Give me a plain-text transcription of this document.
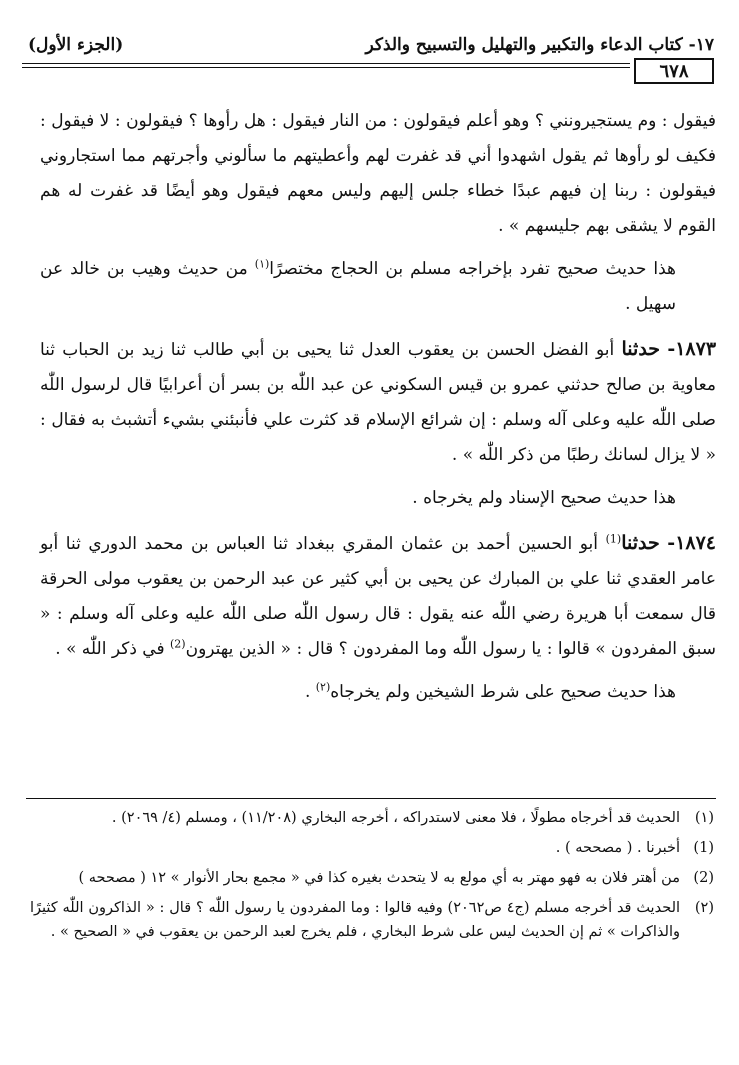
١٧- كتاب الدعاء والتكبير والتهليل والتسبيح والذكر
(الجزء الأول)
٦٧٨

فيقول : وم يستجيرونني ؟ وهو أعلم فيقولون : من النار فيقول : هل رأوها ؟ فيقولون : لا فيقول : فكيف لو رأوها ثم يقول اشهدوا أني قد غفرت لهم وأعطيتهم ما سألوني وأجرتهم مما استجاروني فيقولون : ربنا إن فيهم عبدًا خطاء جلس إليهم وليس معهم فيقول وهو أيضًا قد غفرت له هم القوم لا يشقى بهم جليسهم » .

هذا حديث صحيح تفرد بإخراجه مسلم بن الحجاج مختصرًا$^{(١)}$ من حديث وهيب بن خالد عن سهيل .

١٨٧٣- حدثنا أبو الفضل الحسن بن يعقوب العدل ثنا يحيى بن أبي طالب ثنا زيد بن الحباب ثنا معاوية بن صالح حدثني عمرو بن قيس السكوني عن عبد اللّٰه بن بسر أن أعرابيًا قال لرسول اللّٰه صلى اللّٰه عليه وعلى آله وسلم : إن شرائع الإسلام قد كثرت علي فأنبئني بشيء أتشبث به فقال : « لا يزال لسانك رطبًا من ذكر اللّٰه » .

هذا حديث صحيح الإسناد ولم يخرجاه .

١٨٧٤- حدثنا$^{(1)}$ أبو الحسين أحمد بن عثمان المقري ببغداد ثنا العباس بن محمد الدوري ثنا أبو عامر العقدي ثنا علي بن المبارك عن يحيى بن أبي كثير عن عبد الرحمن بن يعقوب مولى الحرقة قال سمعت أبا هريرة رضي اللّٰه عنه يقول : قال رسول اللّٰه صلى اللّٰه عليه وعلى آله وسلم : « سبق المفردون » قالوا : يا رسول اللّٰه وما المفردون ؟ قال : « الذين يهترون$^{(2)}$ في ذكر اللّٰه » .

هذا حديث صحيح على شرط الشيخين ولم يخرجاه$^{(٢)}$ .

(١)
الحديث قد أخرجاه مطولًا ، فلا معنى لاستدراكه ، أخرجه البخاري (١١/٢٠٨) ، ومسلم (٤/ ٢٠٦٩) .
(1)
أخبرنا . ( مصححه ) .
(2)
من أهتر فلان به فهو مهتر به أي مولع به لا يتحدث بغيره كذا في « مجمع بحار الأنوار » ١٢ ( مصححه )
(٢)
الحديث قد أخرجه مسلم (ج٤ ص٢٠٦٢) وفيه قالوا : وما المفردون يا رسول اللّٰه ؟ قال : « الذاكرون اللّٰه كثيرًا والذاكرات » ثم إن الحديث ليس على شرط البخاري ، فلم يخرج لعبد الرحمن بن يعقوب في « الصحيح » .
